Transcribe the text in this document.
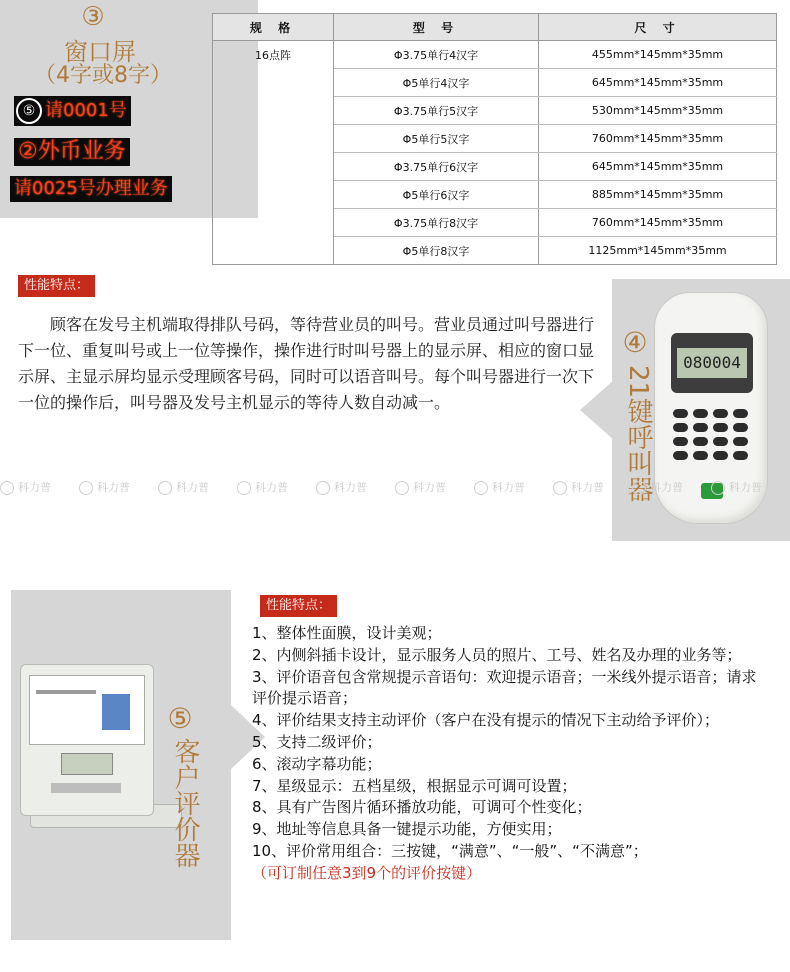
③
窗口屏
（4字或8字）
⑤ 请0001号
②外币业务
请0025号办理业务
规 格	型 号	尺 寸
16点阵	Φ3.75单行4汉字	455mm*145mm*35mm
	Φ5单行4汉字	645mm*145mm*35mm
	Φ3.75单行5汉字	530mm*145mm*35mm
	Φ5单行5汉字	760mm*145mm*35mm
	Φ3.75单行6汉字	645mm*145mm*35mm
	Φ5单行6汉字	885mm*145mm*35mm
	Φ3.75单行8汉字	760mm*145mm*35mm
	Φ5单行8汉字	1125mm*145mm*35mm
性能特点：
顾客在发号主机端取得排队号码，等待营业员的叫号。营业员通过叫号器进行下一位、重复叫号或上一位等操作，操作进行时叫号器上的显示屏、相应的窗口显示屏、主显示屏均显示受理顾客号码，同时可以语音叫号。每个叫号器进行一次下一位的操作后，叫号器及发号主机显示的等待人数自动减一。
080004
④
21键呼叫器
科力普	科力普	科力普	科力普	科力普	科力普	科力普	科力普	科力普	科力普
⑤
客户评价器
性能特点：
1、整体性面膜，设计美观；
2、内侧斜插卡设计，显示服务人员的照片、工号、姓名及办理的业务等；
3、评价语音包含常规提示音语句：欢迎提示语音；一米线外提示语音；请求评价提示语音；
4、评价结果支持主动评价（客户在没有提示的情况下主动给予评价）；
5、支持二级评价；
6、滚动字幕功能；
7、星级显示：五档星级，根据显示可调可设置；
8、具有广告图片循环播放功能，可调可个性变化；
9、地址等信息具备一键提示功能，方便实用；
10、评价常用组合：三按键，“满意”、“一般”、“不满意”；
（可订制任意3到9个的评价按键）
